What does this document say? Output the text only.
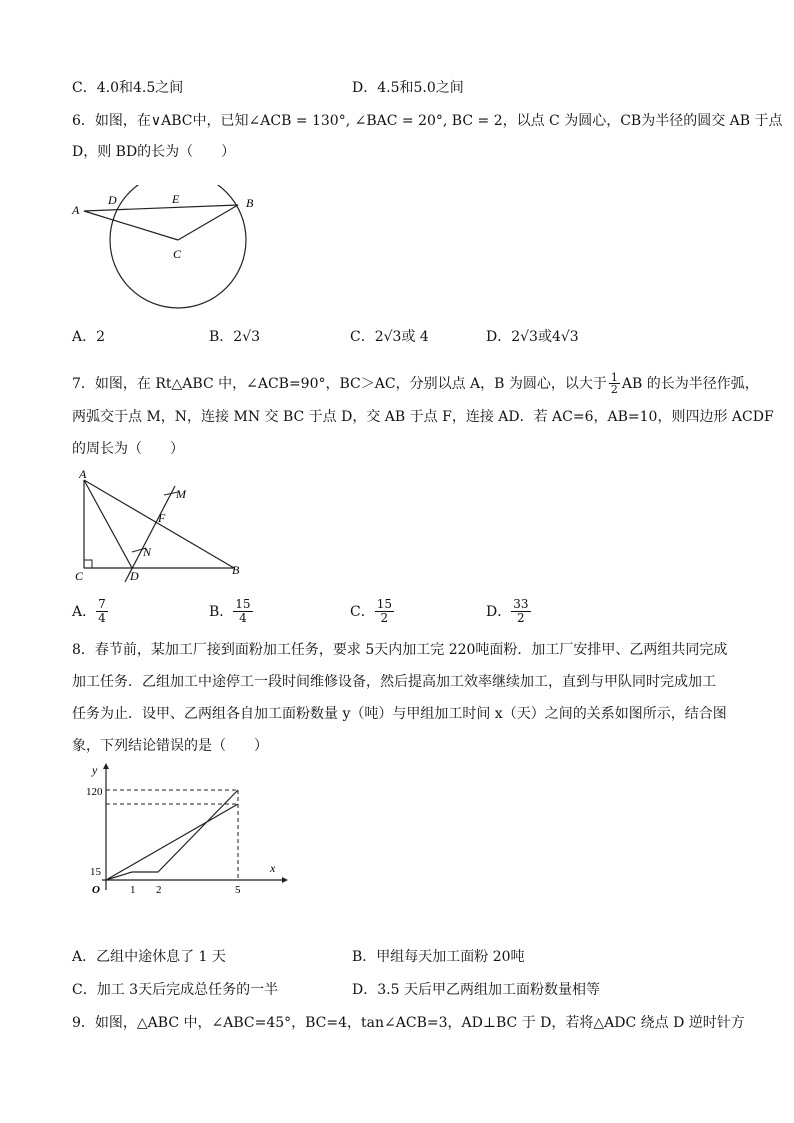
C．4.0和4.5之间	D．4.5和5.0之间
6．如图，在∨ABC中，已知∠ACB = 130°, ∠BAC = 20°, BC = 2，以点 C 为圆心，CB为半径的圆交 AB 于点
D，则 BD的长为（　　）
A
D	E	B
C
A．2	B．2√3	C．2√3或 4	D．2√3或4√3
7．如图，在 Rt△ABC 中，∠ACB=90°，BC＞AC，分别以点 A，B 为圆心，以大于 $\frac{1}{2}$ AB 的长为半径作弧，
两弧交于点 M，N，连接 MN 交 BC 于点 D，交 AB 于点 F，连接 AD．若 AC=6，AB=10，则四边形 ACDF
的周长为（　　）
A
C	D	B
F
M
N
A． $\frac{7}{4}$	B． $\frac{15}{4}$	C． $\frac{15}{2}$	D． $\frac{33}{2}$
8．春节前，某加工厂接到面粉加工任务，要求 5天内加工完 220吨面粉．加工厂安排甲、乙两组共同完成
加工任务．乙组加工中途停工一段时间维修设备，然后提高加工效率继续加工，直到与甲队同时完成加工
任务为止．设甲、乙两组各自加工面粉数量 y（吨）与甲组加工时间 x（天）之间的关系如图所示，结合图
象，下列结论错误的是（　　）
y
x
O
120
15
1 2	5
A．乙组中途休息了 1 天	B．甲组每天加工面粉 20吨
C．加工 3天后完成总任务的一半	D．3.5 天后甲乙两组加工面粉数量相等
9．如图，△ABC 中，∠ABC=45°，BC=4，tan∠ACB=3，AD⊥BC 于 D，若将△ADC 绕点 D 逆时针方
